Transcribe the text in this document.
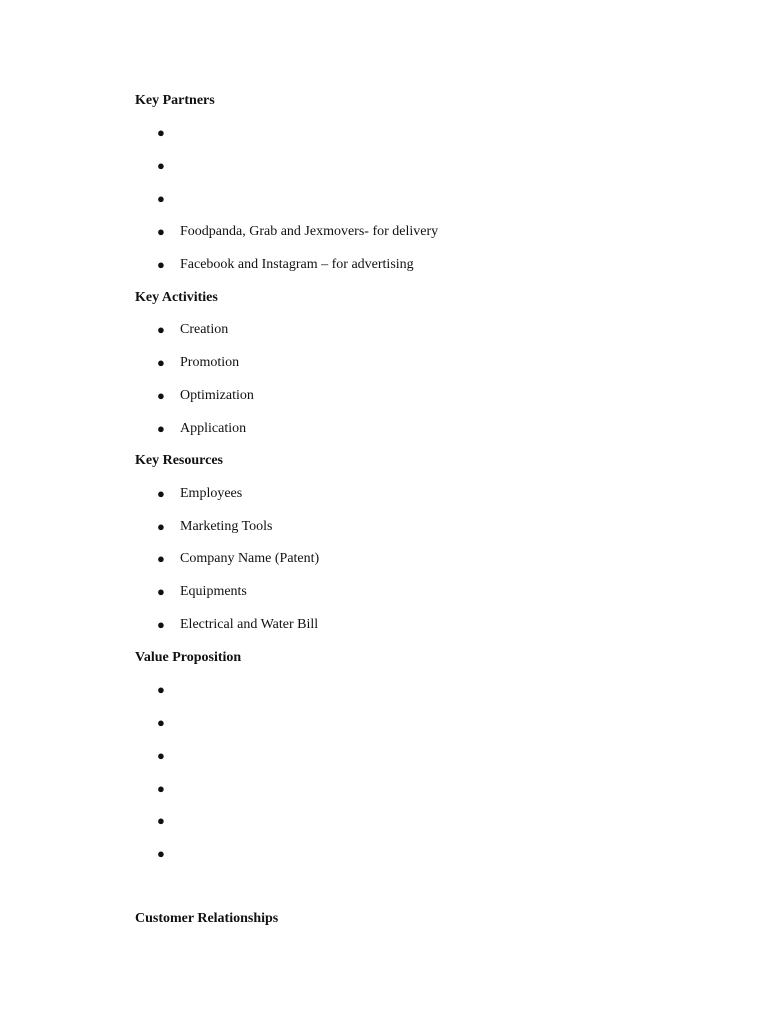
Key Partners
●
●
●
● Foodpanda, Grab and Jexmovers- for delivery
● Facebook and Instagram – for advertising
Key Activities
● Creation
● Promotion
● Optimization
● Application
Key Resources
● Employees
● Marketing Tools
● Company Name (Patent)
● Equipments
● Electrical and Water Bill
Value Proposition
●
●
●
●
●
●
Customer Relationships
